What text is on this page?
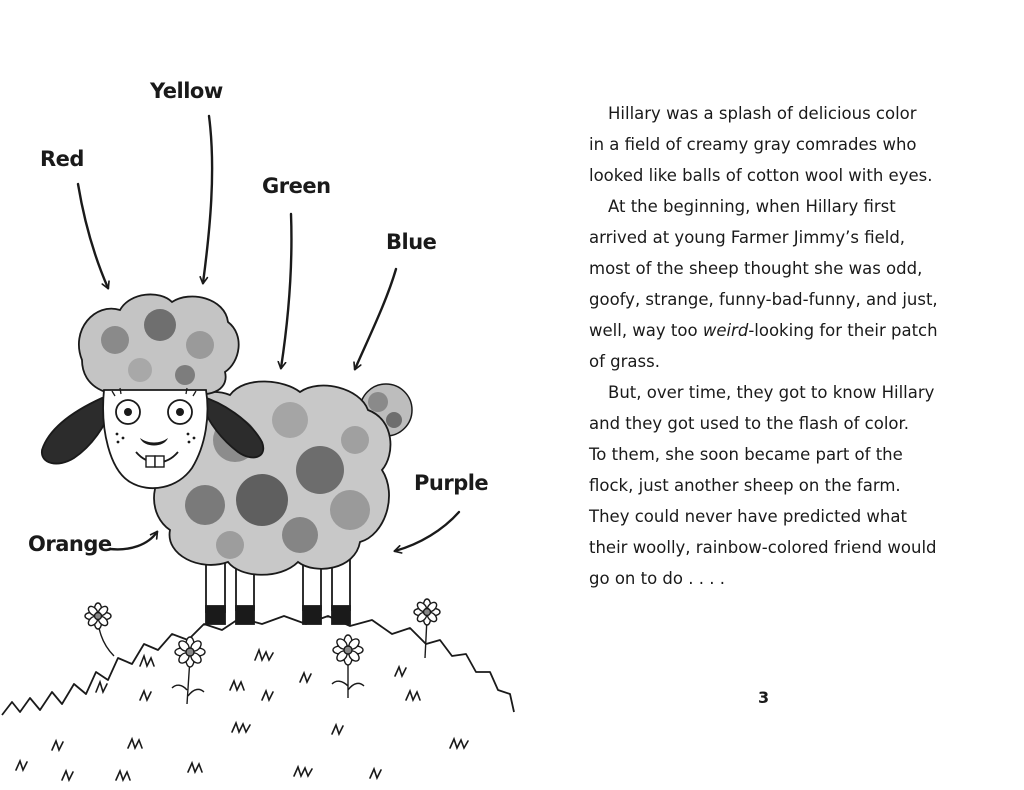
Yellow
Red
Green
Blue
Purple
Orange

Hillary was a splash of delicious color
in a field of creamy gray comrades who
looked like balls of cotton wool with eyes.

At the beginning, when Hillary first
arrived at young Farmer Jimmy’s field,
most of the sheep thought she was odd,
goofy, strange, funny-bad-funny, and just,
well, way too weird-looking for their patch
of grass.

But, over time, they got to know Hillary
and they got used to the flash of color.
To them, she soon became part of the
flock, just another sheep on the farm.
They could never have predicted what
their woolly, rainbow-colored friend would
go on to do . . . .

3
